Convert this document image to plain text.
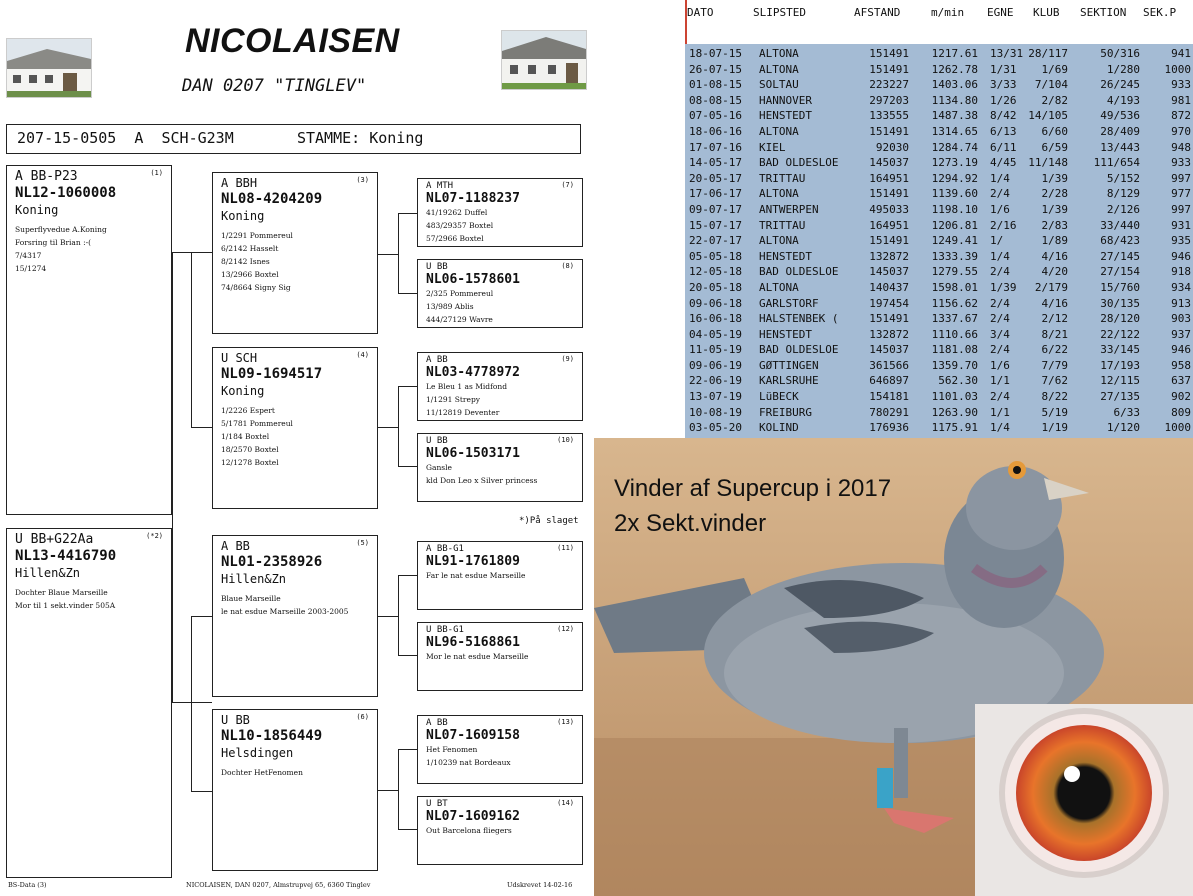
NICOLAISEN
DAN 0207 "TINGLEV"
207-15-0505  A  SCH-G23M       STAMME: Koning
A BB-P23	(1)
NL12-1060008
Koning
Superflyvedue A.Koning
Forsring til Brian :-(
7/4317
15/1274
U BB+G22Aa	(*2)
NL13-4416790
Hillen&Zn
Dochter Blaue Marseille
Mor til 1 sekt.vinder 505A
A BBH	(3)
NL08-4204209
Koning
1/2291 Pommereul
6/2142 Hasselt
8/2142 Isnes
13/2966 Boxtel
74/8664 Signy Sig
U SCH	(4)
NL09-1694517
Koning
1/2226 Espert
5/1781 Pommereul
1/184 Boxtel
18/2570 Boxtel
12/1278 Boxtel
A BB	(5)
NL01-2358926
Hillen&Zn
Blaue Marseille
le nat esdue Marseille 2003-2005
U BB	(6)
NL10-1856449
Helsdingen
Dochter HetFenomen
A MTH	(7)
NL07-1188237
41/19262 Duffel
483/29357 Boxtel
57/2966 Boxtel
U BB	(8)
NL06-1578601
2/325 Pommereul
13/989 Ablis
444/27129 Wavre
A BB	(9)
NL03-4778972
Le Bleu 1 as Midfond
1/1291 Strepy
11/12819 Deventer
U BB	(10)
NL06-1503171
Gansle
kld Don Leo x Silver princess
*)På slaget
A BB-G1	(11)
NL91-1761809
Far le nat esdue Marseille
U BB-G1	(12)
NL96-5168861
Mor le nat esdue Marseille
A BB	(13)
NL07-1609158
Het Fenomen
1/10239 nat Bordeaux
U BT	(14)
NL07-1609162
Out Barcelona fliegers
BS-Data (3)	NICOLAISEN, DAN 0207, Almstrupvej 65, 6360 Tinglev	Udskrevet 14-02-16
DATO	SLIPSTED	AFSTAND	m/min EGNE KLUB SEKTION SEK.P
18-07-15 ALTONA	151491 1217.61 13/31 28/117	50/316	941
26-07-15 ALTONA	151491 1262.78 1/31 1/69	1/280 1000
01-08-15 SOLTAU	223227 1403.06 3/33 7/104	26/245	933
08-08-15 HANNOVER	297203 1134.80 1/26 2/82	4/193	981
07-05-16 HENSTEDT	133555 1487.38 8/42 14/105	49/536	872
18-06-16 ALTONA	151491 1314.65 6/13 6/60	28/409	970
17-07-16 KIEL	92030 1284.74 6/11 6/59	13/443	948
14-05-17 BAD OLDESLOE	145037 1273.19 4/45 11/148 111/654	933
20-05-17 TRITTAU	164951 1294.92 1/4	1/39	5/152	997
17-06-17 ALTONA	151491 1139.60 2/4	2/28	8/129	977
09-07-17 ANTWERPEN	495033 1198.10 1/6	1/39	2/126	997
15-07-17 TRITTAU	164951 1206.81 2/16 2/83	33/440	931
22-07-17 ALTONA	151491 1249.41 1/	1/89	68/423	935
05-05-18 HENSTEDT	132872 1333.39 1/4	4/16	27/145	946
12-05-18 BAD OLDESLOE	145037 1279.55 2/4	4/20	27/154	918
20-05-18 ALTONA	140437 1598.01 1/39 2/179	15/760	934
09-06-18 GARLSTORF	197454 1156.62 2/4	4/16	30/135	913
16-06-18 HALSTENBEK (	151491 1337.67 2/4	2/12	28/120	903
04-05-19 HENSTEDT	132872 1110.66 3/4	8/21	22/122	937
11-05-19 BAD OLDESLOE	145037 1181.08 2/4	6/22	33/145	946
09-06-19 GØTTINGEN	361566 1359.70 1/6	7/79	17/193	958
22-06-19 KARLSRUHE	646897	562.30 1/1	7/62	12/115	637
13-07-19 LüBECK	154181 1101.03 2/4	8/22	27/135	902
10-08-19 FREIBURG	780291 1263.90 1/1	5/19	6/33	809
03-05-20 KOLIND	176936 1175.91 1/4	1/19	1/120 1000
Vinder af Supercup i 2017
2x Sekt.vinder
